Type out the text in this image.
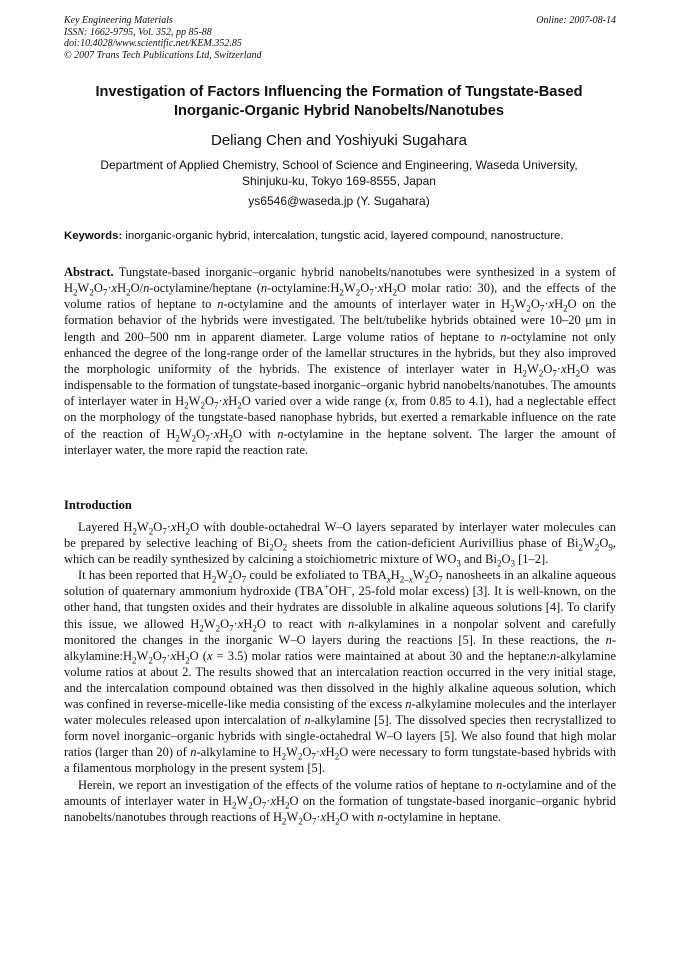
Key Engineering Materials
ISSN: 1662-9795, Vol. 352, pp 85-88
doi:10.4028/www.scientific.net/KEM.352.85
© 2007 Trans Tech Publications Ltd, Switzerland
Online: 2007-08-14
Investigation of Factors Influencing the Formation of Tungstate-Based
Inorganic-Organic Hybrid Nanobelts/Nanotubes
Deliang Chen and Yoshiyuki Sugahara
Department of Applied Chemistry, School of Science and Engineering, Waseda University,
Shinjuku-ku, Tokyo 169-8555, Japan
ys6546@waseda.jp (Y. Sugahara)
Keywords: inorganic-organic hybrid, intercalation, tungstic acid, layered compound, nanostructure.
Abstract. Tungstate-based inorganic–organic hybrid nanobelts/nanotubes were synthesized in a system of $H_2W_2O_7\cdot xH_2O/n-octylamine$/heptane ($n-octylamine:H_2W_2O_7\cdot xH_2O$ molar ratio: 30), and the effects of the volume ratios of heptane to n-octylamine and the amounts of interlayer water in $H_2W_2O_7\cdot xH_2O$ on the formation behavior of the hybrids were investigated. The belt/tubelike hybrids obtained were 10–20 μm in length and 200–500 nm in apparent diameter. Large volume ratios of heptane to n-octylamine not only enhanced the degree of the long-range order of the lamellar structures in the hybrids, but they also improved the morphologic uniformity of the hybrids. The existence of interlayer water in $H_2W_2O_7\cdot xH_2O$ was indispensable to the formation of tungstate-based inorganic–organic hybrid nanobelts/nanotubes. The amounts of interlayer water in $H_2W_2O_7\cdot xH_2O$ varied over a wide range (x, from 0.85 to 4.1), had a neglectable effect on the morphology of the tungstate-based nanophase hybrids, but exerted a remarkable influence on the rate of the reaction of $H_2W_2O_7\cdot xH_2O$ with n-octylamine in the heptane solvent. The larger the amount of interlayer water, the more rapid the reaction rate.
Introduction

Layered $H_2W_2O_7\cdot xH_2O$ with double-octahedral W–O layers separated by interlayer water molecules can be prepared by selective leaching of $Bi_2O_2$ sheets from the cation-deficient Aurivillius phase of $Bi_2W_2O_9$, which can be readily synthesized by calcining a stoichiometric mixture of $WO_3$ and $Bi_2O_3$ [1–2].

It has been reported that $H_2W_2O_7$ could be exfoliated to $TBA_xH_{2-x}W_2O_7$ nanosheets in an alkaline aqueous solution of quaternary ammonium hydroxide (TBA+OH–, 25-fold molar excess) [3]. It is well-known, on the other hand, that tungsten oxides and their hydrates are dissoluble in alkaline aqueous solutions [4]. To clarify this issue, we allowed $H_2W_2O_7\cdot xH_2O$ to react with n-alkylamines in a nonpolar solvent and carefully monitored the changes in the inorganic W–O layers during the reactions [5]. In these reactions, the $n-alkylamine:H_2W_2O_7\cdot xH_2O$ (x = 3.5) molar ratios were maintained at about 30 and the heptane:n-alkylamine volume ratios at about 2. The results showed that an intercalation reaction occurred in the very initial stage, and the intercalation compound obtained was then dissolved in the highly alkaline aqueous solution, which was confined in reverse-micelle-like media consisting of the excess n-alkylamine molecules and the interlayer water molecules released upon intercalation of n-alkylamine [5]. The dissolved species then recrystallized to form novel inorganic–organic hybrids with single-octahedral W–O layers [5]. We also found that high molar ratios (larger than 20) of n-alkylamine to $H_2W_2O_7\cdot xH_2O$ were necessary to form tungstate-based hybrids with a filamentous morphology in the present system [5].

Herein, we report an investigation of the effects of the volume ratios of heptane to n-octylamine and of the amounts of interlayer water in $H_2W_2O_7\cdot xH_2O$ on the formation of tungstate-based inorganic–organic hybrid nanobelts/nanotubes through reactions of $H_2W_2O_7\cdot xH_2O$ with n-octylamine in heptane.
